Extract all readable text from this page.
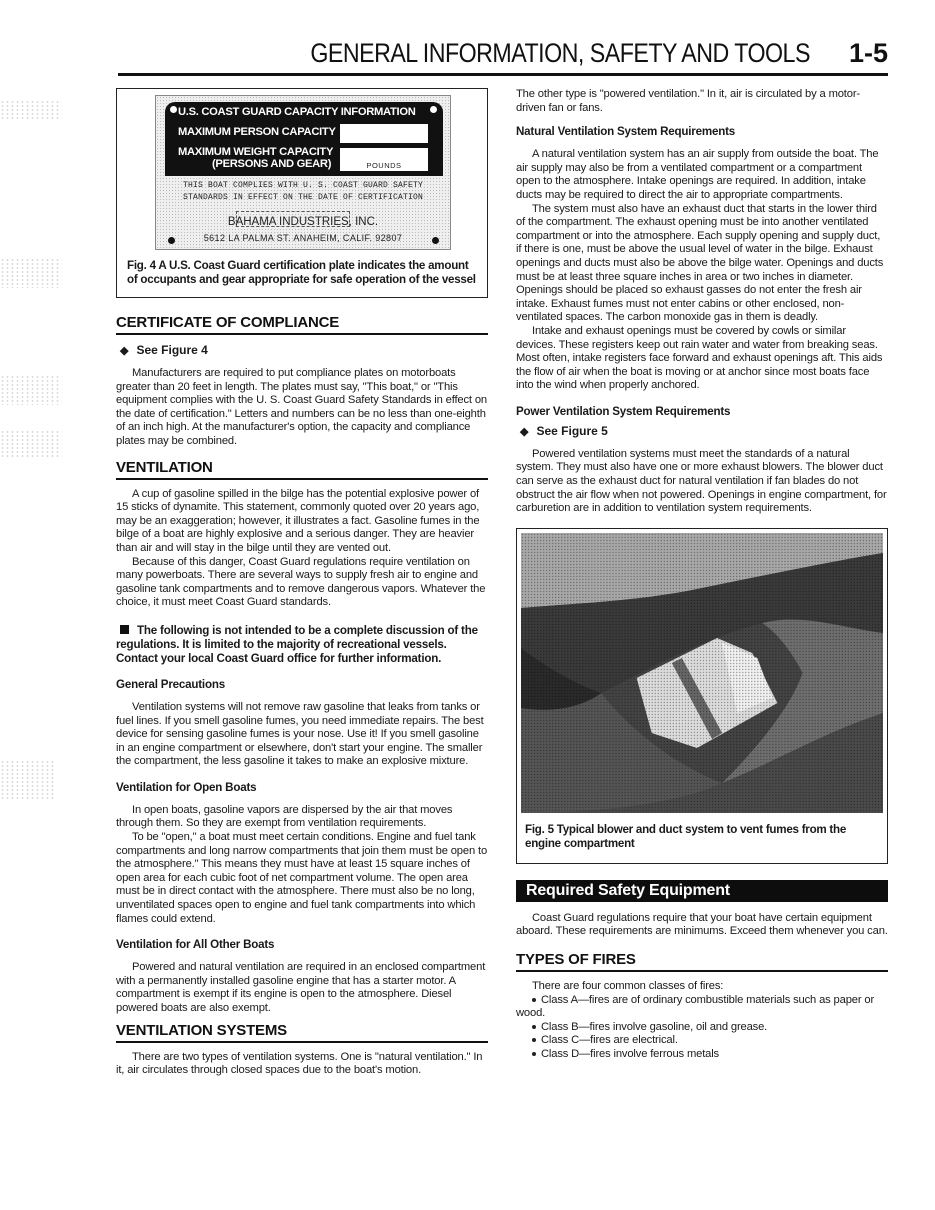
GENERAL INFORMATION, SAFETY AND TOOLS 1-5
U.S. COAST GUARD CAPACITY INFORMATION
MAXIMUM PERSON CAPACITY
MAXIMUM WEIGHT CAPACITY
(PERSONS AND GEAR)	POUNDS
THIS BOAT COMPLIES WITH U. S. COAST GUARD SAFETY
STANDARDS IN EFFECT ON THE DATE OF CERTIFICATION
BAHAMA INDUSTRIES, INC.
5612 LA PALMA ST. ANAHEIM, CALIF. 92807
Fig. 4 A U.S. Coast Guard certification plate indicates the amount of occupants and gear appropriate for safe operation of the vessel
CERTIFICATE OF COMPLIANCE
◆ See Figure 4

Manufacturers are required to put compliance plates on motorboats greater than 20 feet in length. The plates must say, "This boat," or "This equipment complies with the U. S. Coast Guard Safety Standards in effect on the date of certification." Letters and numbers can be no less than one-eighth of an inch high. At the manufacturer's option, the capacity and compliance plates may be combined.

VENTILATION

A cup of gasoline spilled in the bilge has the potential explosive power of 15 sticks of dynamite. This statement, commonly quoted over 20 years ago, may be an exaggeration; however, it illustrates a fact. Gasoline fumes in the bilge of a boat are highly explosive and a serious danger. They are heavier than air and will stay in the bilge until they are vented out.

Because of this danger, Coast Guard regulations require ventilation on many powerboats. There are several ways to supply fresh air to engine and gasoline tank compartments and to remove dangerous vapors. Whatever the choice, it must meet Coast Guard standards.

The following is not intended to be a complete discussion of the regulations. It is limited to the majority of recreational vessels. Contact your local Coast Guard office for further information.

General Precautions

Ventilation systems will not remove raw gasoline that leaks from tanks or fuel lines. If you smell gasoline fumes, you need immediate repairs. The best device for sensing gasoline fumes is your nose. Use it! If you smell gasoline in an engine compartment or elsewhere, don't start your engine. The smaller the compartment, the less gasoline it takes to make an explosive mixture.

Ventilation for Open Boats

In open boats, gasoline vapors are dispersed by the air that moves through them. So they are exempt from ventilation requirements.

To be "open," a boat must meet certain conditions. Engine and fuel tank compartments and long narrow compartments that join them must be open to the atmosphere." This means they must have at least 15 square inches of open area for each cubic foot of net compartment volume. The open area must be in direct contact with the atmosphere. There must also be no long, unventilated spaces open to engine and fuel tank compartments into which flames could extend.

Ventilation for All Other Boats

Powered and natural ventilation are required in an enclosed compartment with a permanently installed gasoline engine that has a starter motor. A compartment is exempt if its engine is open to the atmosphere. Diesel powered boats are also exempt.

VENTILATION SYSTEMS

There are two types of ventilation systems. One is "natural ventilation." In it, air circulates through closed spaces due to the boat's motion.

The other type is "powered ventilation." In it, air is circulated by a motor-driven fan or fans.

Natural Ventilation System Requirements

A natural ventilation system has an air supply from outside the boat. The air supply may also be from a ventilated compartment or a compartment open to the atmosphere. Intake openings are required. In addition, intake ducts may be required to direct the air to appropriate compartments.

The system must also have an exhaust duct that starts in the lower third of the compartment. The exhaust opening must be into another ventilated compartment or into the atmosphere. Each supply opening and supply duct, if there is one, must be above the usual level of water in the bilge. Exhaust openings and ducts must also be above the bilge water. Openings and ducts must be at least three square inches in area or two inches in diameter. Openings should be placed so exhaust gasses do not enter the fresh air intake. Exhaust fumes must not enter cabins or other enclosed, non-ventilated spaces. The carbon monoxide gas in them is deadly.

Intake and exhaust openings must be covered by cowls or similar devices. These registers keep out rain water and water from breaking seas. Most often, intake registers face forward and exhaust openings aft. This aids the flow of air when the boat is moving or at anchor since most boats face into the wind when properly anchored.

Power Ventilation System Requirements
◆ See Figure 5

Powered ventilation systems must meet the standards of a natural system. They must also have one or more exhaust blowers. The blower duct can serve as the exhaust duct for natural ventilation if fan blades do not obstruct the air flow when not powered. Openings in engine compartment, for carburetion are in addition to ventilation system requirements.

Fig. 5 Typical blower and duct system to vent fumes from the engine compartment
Required Safety Equipment

Coast Guard regulations require that your boat have certain equipment aboard. These requirements are minimums. Exceed them whenever you can.

TYPES OF FIRES

There are four common classes of fires:

Class A—fires are of ordinary combustible materials such as paper or wood.
Class B—fires involve gasoline, oil and grease.
Class C—fires are electrical.
Class D—fires involve ferrous metals
